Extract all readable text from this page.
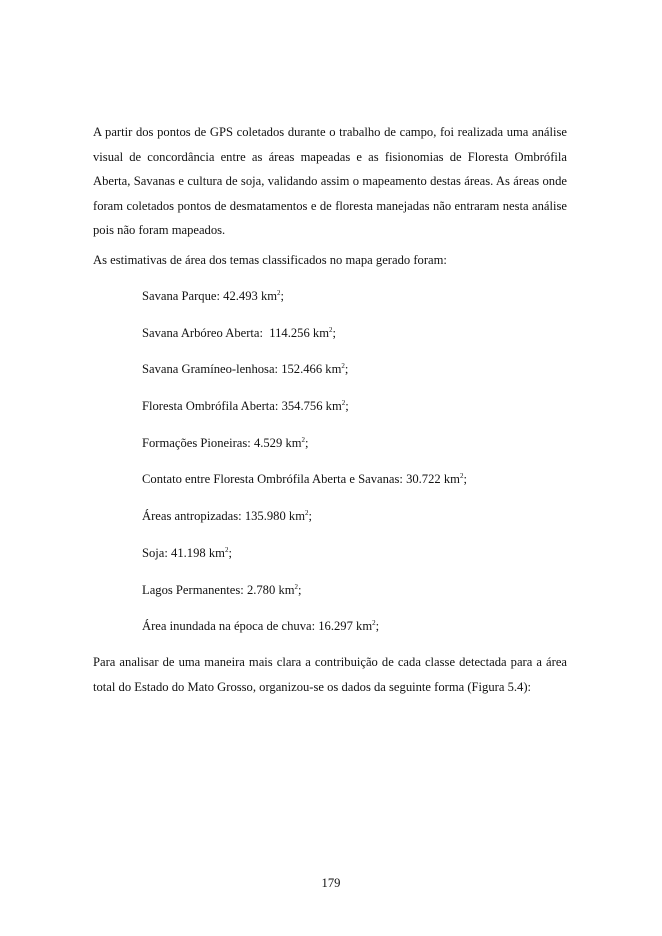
A partir dos pontos de GPS coletados durante o trabalho de campo, foi realizada uma análise visual de concordância entre as áreas mapeadas e as fisionomias de Floresta Ombrófila Aberta, Savanas e cultura de soja, validando assim o mapeamento destas áreas. As áreas onde foram coletados pontos de desmatamentos e de floresta manejadas não entraram nesta análise pois não foram mapeados.

As estimativas de área dos temas classificados no mapa gerado foram:

Savana Parque: 42.493 $km^2$;
Savana Arbóreo Aberta: 114.256 $km^2$;
Savana Gramíneo-lenhosa: 152.466 $km^2$;
Floresta Ombrófila Aberta: 354.756 $km^2$;
Formações Pioneiras: 4.529 $km^2$;
Contato entre Floresta Ombrófila Aberta e Savanas: 30.722 $km^2$;
Áreas antropizadas: 135.980 $km^2$;
Soja: 41.198 $km^2$;
Lagos Permanentes: 2.780 $km^2$;
Área inundada na época de chuva: 16.297 $km^2$;

Para analisar de uma maneira mais clara a contribuição de cada classe detectada para a área total do Estado do Mato Grosso, organizou-se os dados da seguinte forma (Figura 5.4):

179
